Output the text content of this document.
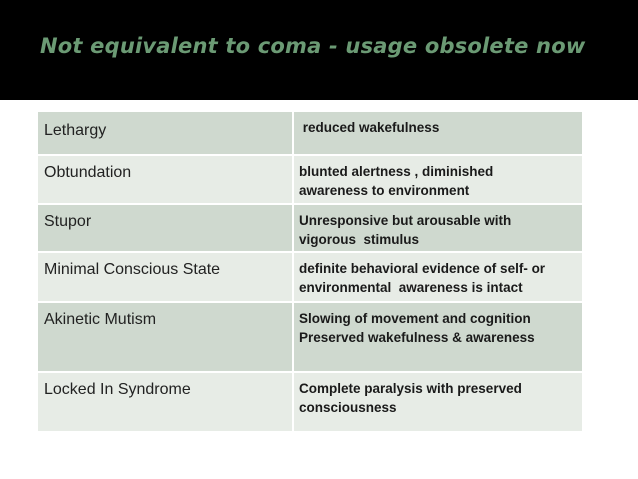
Not equivalent to coma - usage obsolete now
Lethargy	reduced wakefulness
Obtundation	blunted alertness , diminished
awareness to environment
Stupor	Unresponsive but arousable with
vigorous  stimulus
Minimal Conscious State	definite behavioral evidence of self- or
environmental  awareness is intact
Akinetic Mutism	Slowing of movement and cognition
Preserved wakefulness & awareness
Locked In Syndrome	Complete paralysis with preserved
consciousness
